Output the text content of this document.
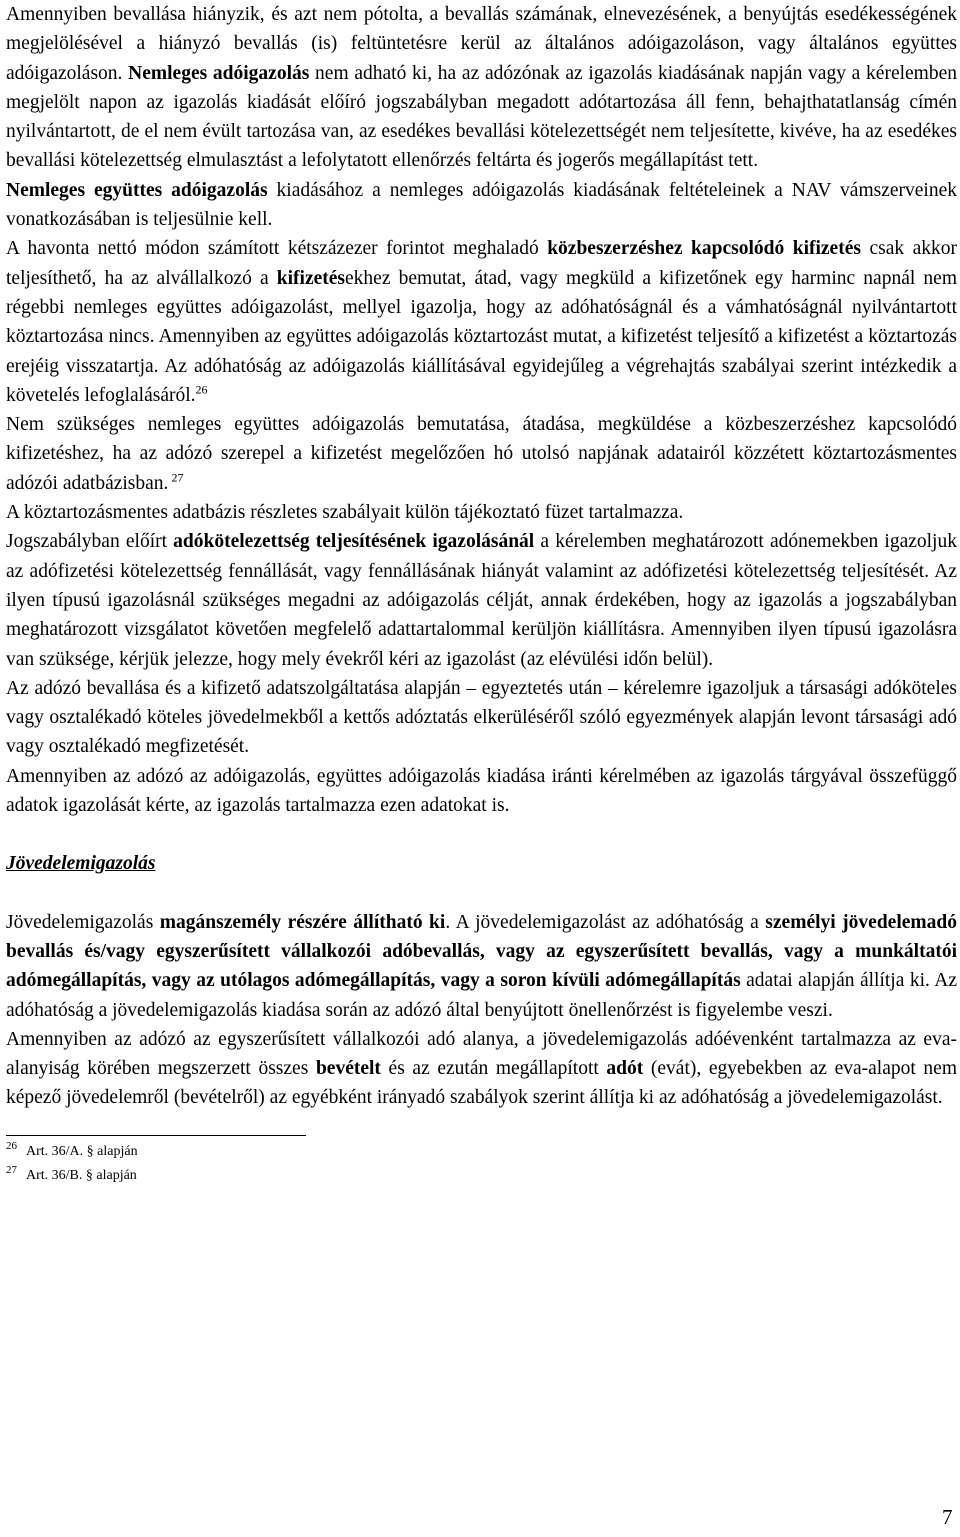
Amennyiben bevallása hiányzik, és azt nem pótolta, a bevallás számának, elnevezésének, a benyújtás esedékességének megjelölésével a hiányzó bevallás (is) feltüntetésre kerül az általános adóigazoláson, vagy általános együttes adóigazoláson. Nemleges adóigazolás nem adható ki, ha az adózónak az igazolás kiadásának napján vagy a kérelemben megjelölt napon az igazolás kiadását előíró jogszabályban megadott adótartozása áll fenn, behajthatatlanság címén nyilvántartott, de el nem évült tartozása van, az esedékes bevallási kötelezettségét nem teljesítette, kivéve, ha az esedékes bevallási kötelezettség elmulasztást a lefolytatott ellenőrzés feltárta és jogerős megállapítást tett.

Nemleges együttes adóigazolás kiadásához a nemleges adóigazolás kiadásának feltételeinek a NAV vámszerveinek vonatkozásában is teljesülnie kell.

A havonta nettó módon számított kétszázezer forintot meghaladó közbeszerzéshez kapcsolódó kifizetés csak akkor teljesíthető, ha az alvállalkozó a kifizetésekhez bemutat, átad, vagy megküld a kifizetőnek egy harminc napnál nem régebbi nemleges együttes adóigazolást, mellyel igazolja, hogy az adóhatóságnál és a vámhatóságnál nyilvántartott köztartozása nincs. Amennyiben az együttes adóigazolás köztartozást mutat, a kifizetést teljesítő a kifizetést a köztartozás erejéig visszatartja. Az adóhatóság az adóigazolás kiállításával egyidejűleg a végrehajtás szabályai szerint intézkedik a követelés lefoglalásáról.$^{26}$

Nem szükséges nemleges együttes adóigazolás bemutatása, átadása, megküldése a közbeszerzéshez kapcsolódó kifizetéshez, ha az adózó szerepel a kifizetést megelőzően hó utolsó napjának adatairól közzétett köztartozásmentes adózói adatbázisban. $^{27}$

A köztartozásmentes adatbázis részletes szabályait külön tájékoztató füzet tartalmazza.

Jogszabályban előírt adókötelezettség teljesítésének igazolásánál a kérelemben meghatározott adónemekben igazoljuk az adófizetési kötelezettség fennállását, vagy fennállásának hiányát valamint az adófizetési kötelezettség teljesítését. Az ilyen típusú igazolásnál szükséges megadni az adóigazolás célját, annak érdekében, hogy az igazolás a jogszabályban meghatározott vizsgálatot követően megfelelő adattartalommal kerüljön kiállításra. Amennyiben ilyen típusú igazolásra van szüksége, kérjük jelezze, hogy mely évekről kéri az igazolást (az elévülési időn belül).

Az adózó bevallása és a kifizető adatszolgáltatása alapján – egyeztetés után – kérelemre igazoljuk a társasági adóköteles vagy osztalékadó köteles jövedelmekből a kettős adóztatás elkerüléséről szóló egyezmények alapján levont társasági adó vagy osztalékadó megfizetését.

Amennyiben az adózó az adóigazolás, együttes adóigazolás kiadása iránti kérelmében az igazolás tárgyával összefüggő adatok igazolását kérte, az igazolás tartalmazza ezen adatokat is.

Jövedelemigazolás

Jövedelemigazolás magánszemély részére állítható ki. A jövedelemigazolást az adóhatóság a személyi jövedelemadó bevallás és/vagy egyszerűsített vállalkozói adóbevallás, vagy az egyszerűsített bevallás, vagy a munkáltatói adómegállapítás, vagy az utólagos adómegállapítás, vagy a soron kívüli adómegállapítás adatai alapján állítja ki. Az adóhatóság a jövedelemigazolás kiadása során az adózó által benyújtott önellenőrzést is figyelembe veszi.

Amennyiben az adózó az egyszerűsített vállalkozói adó alanya, a jövedelemigazolás adóévenként tartalmazza az eva-alanyiság körében megszerzett összes bevételt és az ezután megállapított adót (evát), egyebekben az eva-alapot nem képező jövedelemről (bevételről) az egyébként irányadó szabályok szerint állítja ki az adóhatóság a jövedelemigazolást.

26 Art. 36/A. § alapján
27 Art. 36/B. § alapján
7
